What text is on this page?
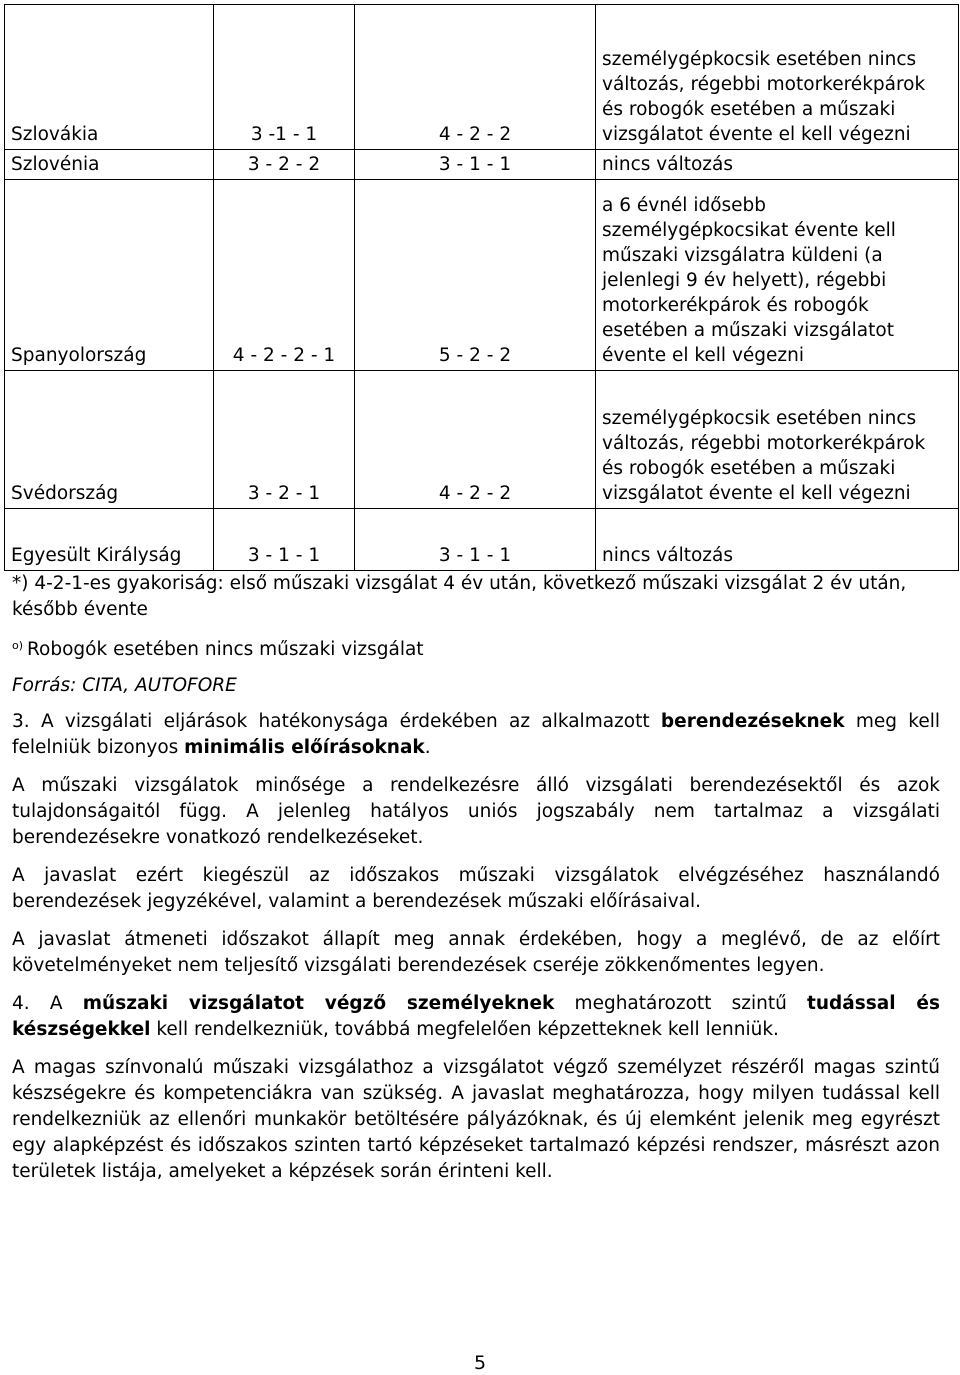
Szlovákia	3 -1 - 1	4 - 2 - 2	személygépkocsik esetében nincs változás, régebbi motorkerékpárok és robogók esetében a műszaki vizsgálatot évente el kell végezni
Szlovénia	3 - 2 - 2	3 - 1 - 1	nincs változás
Spanyolország	4 - 2 - 2 - 1	5 - 2 - 2	a 6 évnél idősebb személygépkocsikat évente kell műszaki vizsgálatra küldeni (a jelenlegi 9 év helyett), régebbi motorkerékpárok és robogók esetében a műszaki vizsgálatot évente el kell végezni
Svédország	3 - 2 - 1	4 - 2 - 2	személygépkocsik esetében nincs változás, régebbi motorkerékpárok és robogók esetében a műszaki vizsgálatot évente el kell végezni
Egyesült Királyság	3 - 1 - 1	3 - 1 - 1	nincs változás

*) 4-2-1-es gyakoriság: első műszaki vizsgálat 4 év után, következő műszaki vizsgálat 2 év után, később évente

$^{o)}$ Robogók esetében nincs műszaki vizsgálat

Forrás: CITA, AUTOFORE

3. A vizsgálati eljárások hatékonysága érdekében az alkalmazott berendezéseknek meg kell felelniük bizonyos minimális előírásoknak.

A műszaki vizsgálatok minősége a rendelkezésre álló vizsgálati berendezésektől és azok tulajdonságaitól függ. A jelenleg hatályos uniós jogszabály nem tartalmaz a vizsgálati berendezésekre vonatkozó rendelkezéseket.

A javaslat ezért kiegészül az időszakos műszaki vizsgálatok elvégzéséhez használandó berendezések jegyzékével, valamint a berendezések műszaki előírásaival.

A javaslat átmeneti időszakot állapít meg annak érdekében, hogy a meglévő, de az előírt követelményeket nem teljesítő vizsgálati berendezések cseréje zökkenőmentes legyen.

4. A műszaki vizsgálatot végző személyeknek meghatározott szintű tudással és készségekkel kell rendelkezniük, továbbá megfelelően képzetteknek kell lenniük.

A magas színvonalú műszaki vizsgálathoz a vizsgálatot végző személyzet részéről magas szintű készségekre és kompetenciákra van szükség. A javaslat meghatározza, hogy milyen tudással kell rendelkezniük az ellenőri munkakör betöltésére pályázóknak, és új elemként jelenik meg egyrészt egy alapképzést és időszakos szinten tartó képzéseket tartalmazó képzési rendszer, másrészt azon területek listája, amelyeket a képzések során érinteni kell.

5
